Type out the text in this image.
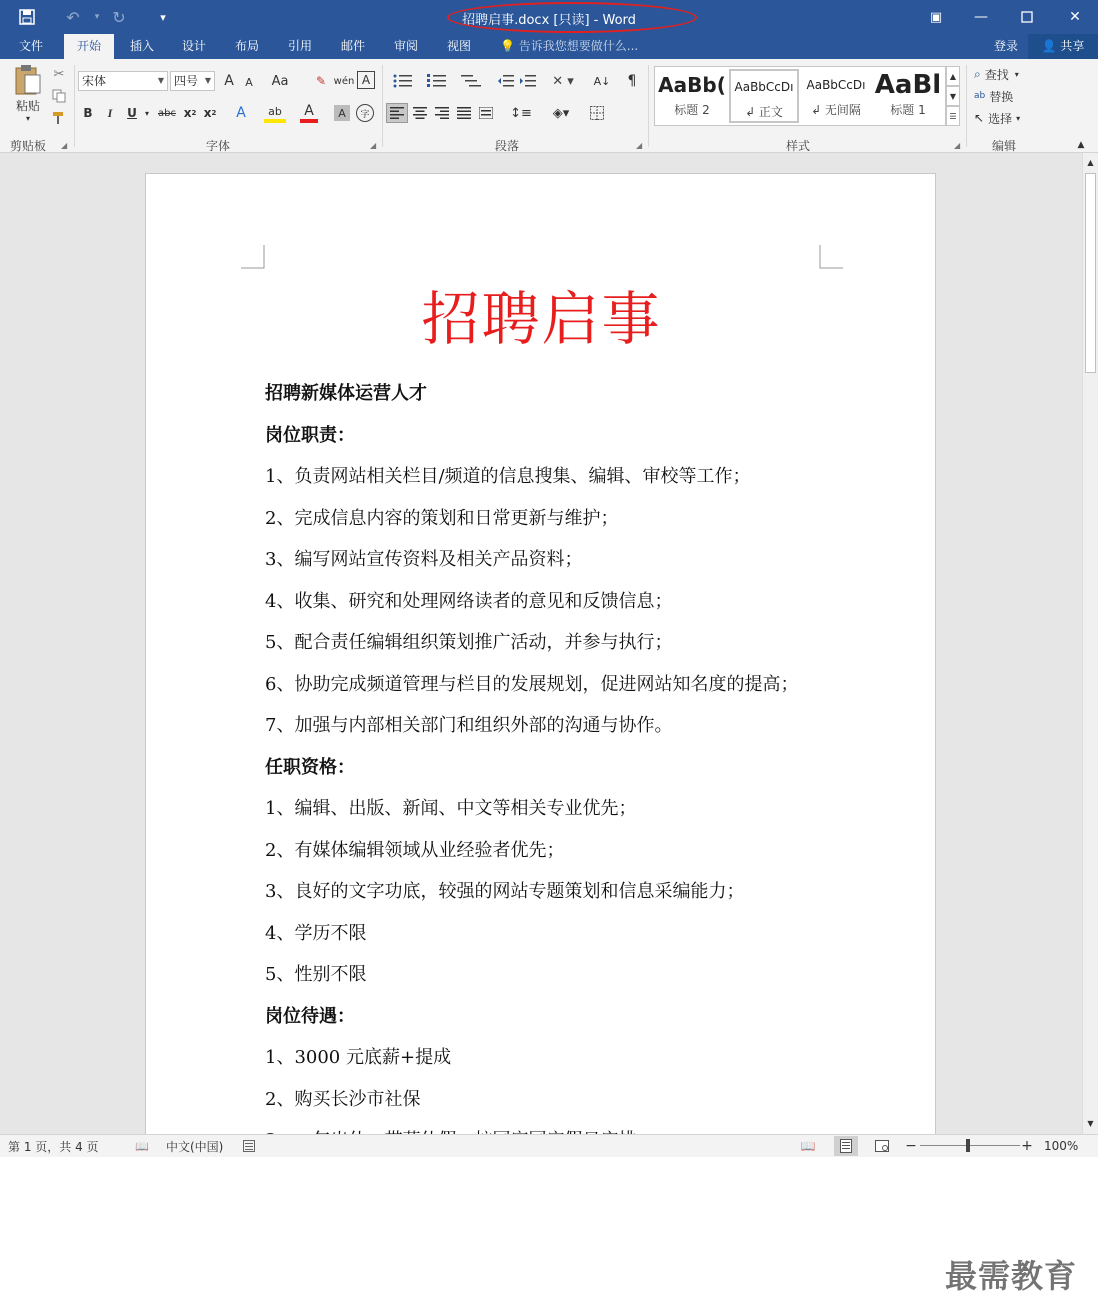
↶	▾ ↻	▾	招聘启事.docx [只读] - Word	▣	—	✕
文件	开始	插入	设计	布局	引用	邮件	审阅	视图	💡 告诉我您想要做什么...	登录	👤 共享
粘贴
▾
✂
剪贴板 ◢
宋体	▼ 四号 ▼ A	A	Aa	✎ wén A
B	I	U	▾ abc x 2 x 2	A	ab	A	A	字
字体	◢
✕ ▾	A↓ ¶
↕≡	◈▾
段落	◢
AaBb(
标题 2
AaBbCcDı
↲ 正文
AaBbCcDı
↲ 无间隔
AaBl
标题 1
▲
▼
☰
样式	◢
⌕ 查找 ▾
ab 替换
↖ 选择 ▾
编辑	▲
招聘启事
招聘新媒体运营人才
岗位职责：
1、负责网站相关栏目/频道的信息搜集、编辑、审校等工作；
2、完成信息内容的策划和日常更新与维护；
3、编写网站宣传资料及相关产品资料；
4、收集、研究和处理网络读者的意见和反馈信息；
5、配合责任编辑组织策划推广活动，并参与执行；
6、协助完成频道管理与栏目的发展规划，促进网站知名度的提高；
7、加强与内部相关部门和组织外部的沟通与协作。
任职资格：
1、编辑、出版、新闻、中文等相关专业优先；
2、有媒体编辑领域从业经验者优先；
3、良好的文字功底，较强的网站专题策划和信息采编能力；
4、学历不限
5、性别不限
岗位待遇：
1、3000 元底薪+提成
2、购买长沙市社保
最需教育
▲
▼
第 1 页，共 4 页	📖 中文(中国)	📖	−	+ 100%
